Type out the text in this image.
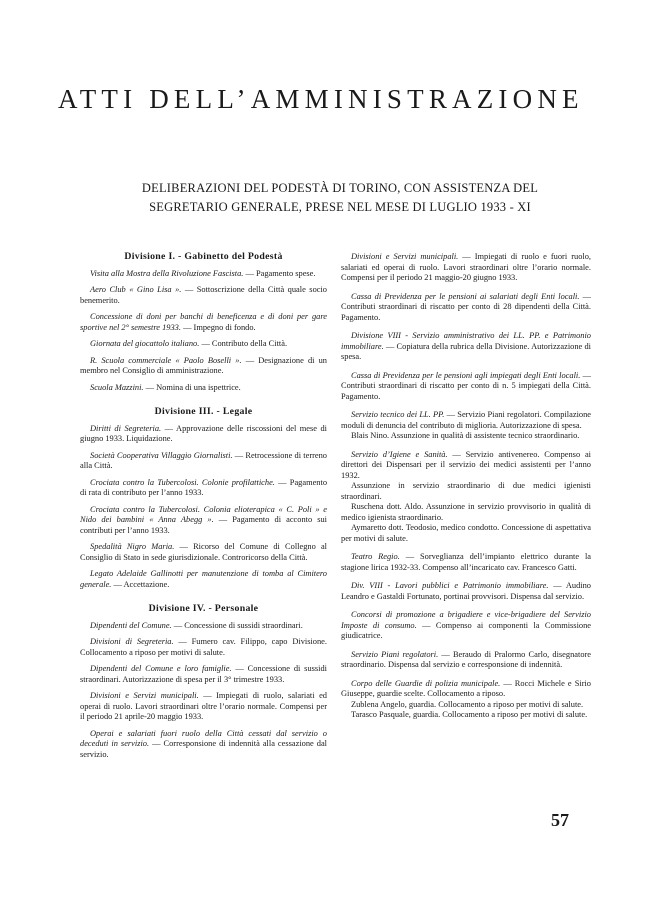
ATTI DELL’AMMINISTRAZIONE
DELIBERAZIONI DEL PODESTÀ DI TORINO, CON ASSISTENZA DEL
SEGRETARIO GENERALE, PRESE NEL MESE DI LUGLIO 1933 - XI
Divisione I. - Gabinetto del Podestà

Visita alla Mostra della Rivoluzione Fascista. — Pagamento spese.

Aero Club « Gino Lisa ». — Sottoscrizione della Città quale socio benemerito.

Concessione di doni per banchi di beneficenza e di doni per gare sportive nel 2° semestre 1933. — Impegno di fondo.

Giornata del giocattolo italiano. — Contributo della Città.

R. Scuola commerciale « Paolo Boselli ». — Designazione di un membro nel Consiglio di amministrazione.

Scuola Mazzini. — Nomina di una ispettrice.

Divisione III. - Legale

Diritti di Segreteria. — Approvazione delle riscossioni del mese di giugno 1933. Liquidazione.

Società Cooperativa Villaggio Giornalisti. — Retrocessione di terreno alla Città.

Crociata contro la Tubercolosi. Colonie profilattiche. — Pagamento di rata di contributo per l’anno 1933.

Crociata contro la Tubercolosi. Colonia elioterapica « C. Poli » e Nido dei bambini « Anna Abegg ». — Pagamento di acconto sui contributi per l’anno 1933.

Spedalità Nigro Maria. — Ricorso del Comune di Collegno al Consiglio di Stato in sede giurisdizionale. Controricorso della Città.

Legato Adelaide Gallinotti per manutenzione di tomba al Cimitero generale. — Accettazione.

Divisione IV. - Personale

Dipendenti del Comune. — Concessione di sussidi straordinari.

Divisioni di Segreteria. — Fumero cav. Filippo, capo Divisione. Collocamento a riposo per motivi di salute.

Dipendenti del Comune e loro famiglie. — Concessione di sussidi straordinari. Autorizzazione di spesa per il 3° trimestre 1933.

Divisioni e Servizi municipali. — Impiegati di ruolo, salariati ed operai di ruolo. Lavori straordinari oltre l’orario normale. Compensi per il periodo 21 aprile-20 maggio 1933.

Operai e salariati fuori ruolo della Città cessati dal servizio o deceduti in servizio. — Corresponsione di indennità alla cessazione dal servizio.

Divisioni e Servizi municipali. — Impiegati di ruolo e fuori ruolo, salariati ed operai di ruolo. Lavori straordinari oltre l’orario normale. Compensi per il periodo 21 maggio-20 giugno 1933.

Cassa di Previdenza per le pensioni ai salariati degli Enti locali. — Contributi straordinari di riscatto per conto di 28 dipendenti della Città. Pagamento.

Divisione VIII - Servizio amministrativo dei LL. PP. e Patrimonio immobiliare. — Copiatura della rubrica della Divisione. Autorizzazione di spesa.

Cassa di Previdenza per le pensioni agli impiegati degli Enti locali. — Contributi straordinari di riscatto per conto di n. 5 impiegati della Città. Pagamento.

Servizio tecnico dei LL. PP. — Servizio Piani regolatori. Compilazione moduli di denuncia del contributo di miglioria. Autorizzazione di spesa.

Blais Nino. Assunzione in qualità di assistente tecnico straordinario.

Servizio d’Igiene e Sanità. — Servizio antivenereo. Compenso ai direttori dei Dispensari per il servizio dei medici assistenti per l’anno 1932.

Assunzione in servizio straordinario di due medici igienisti straordinari.

Ruschena dott. Aldo. Assunzione in servizio provvisorio in qualità di medico igienista straordinario.

Aymaretto dott. Teodosio, medico condotto. Concessione di aspettativa per motivi di salute.

Teatro Regio. — Sorveglianza dell’impianto elettrico durante la stagione lirica 1932-33. Compenso all’incaricato cav. Francesco Gatti.

Div. VIII - Lavori pubblici e Patrimonio immobiliare. — Audino Leandro e Gastaldi Fortunato, portinai provvisori. Dispensa dal servizio.

Concorsi di promozione a brigadiere e vice-brigadiere del Servizio Imposte di consumo. — Compenso ai componenti la Commissione giudicatrice.

Servizio Piani regolatori. — Beraudo di Pralormo Carlo, disegnatore straordinario. Dispensa dal servizio e corresponsione di indennità.

Corpo delle Guardie di polizia municipale. — Rocci Michele e Sirio Giuseppe, guardie scelte. Collocamento a riposo.

Zublena Angelo, guardia. Collocamento a riposo per motivi di salute.

Tarasco Pasquale, guardia. Collocamento a riposo per motivi di salute.

57
